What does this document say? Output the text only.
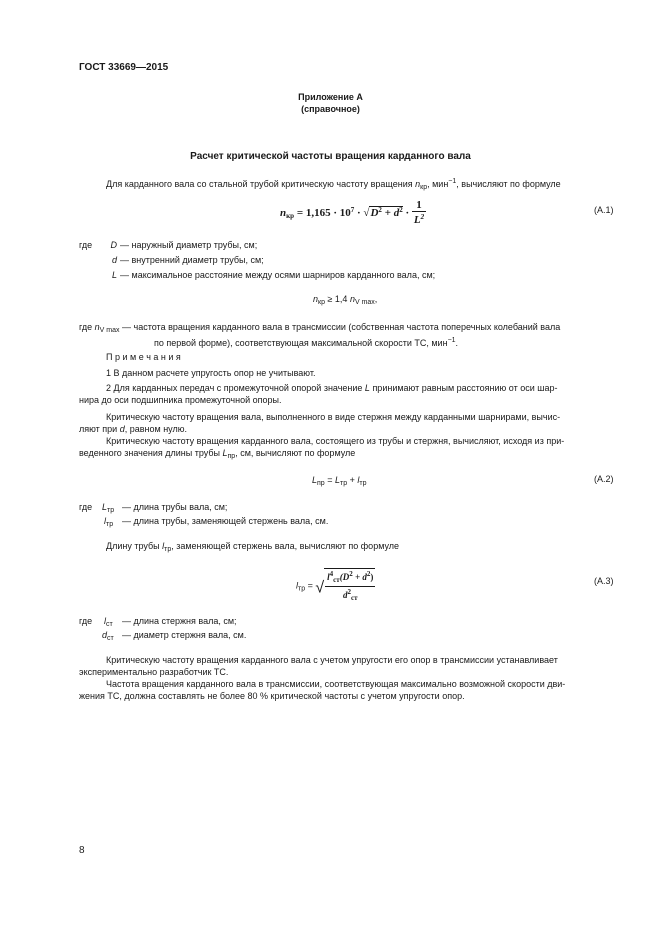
ГОСТ 33669—2015
Приложение А
(справочное)
Расчет критической частоты вращения карданного вала
Для карданного вала со стальной трубой критическую частоту вращения $n_{кр}$, мин$^{-1}$, вычисляют по формуле
$n_{кр} = 1,165 \cdot 10^7 \cdot √D^2 + d^2 \cdot \frac{1}{L^2}$	(А.1)
где D — наружный диаметр трубы, см;
d — внутренний диаметр трубы, см;
L — максимальное расстояние между осями шарниров карданного вала, см;
$n_{кр} \ge 1,4$ $n_{V max}$,
где $n_{V max}$ — частота вращения карданного вала в трансмиссии (собственная частота поперечных колебаний вала
по первой форме), соответствующая максимальной скорости ТС, мин$^{-1}$.
П р и м е ч а н и я
1 В данном расчете упругость опор не учитывают.
2 Для карданных передач с промежуточной опорой значение L принимают равным расстоянию от оси шар-
нира до оси подшипника промежуточной опоры.
Критическую частоту вращения вала, выполненного в виде стержня между карданными шарнирами, вычис-
ляют при d, равном нулю.
Критическую частоту вращения карданного вала, состоящего из трубы и стержня, вычисляют, исходя из при-
веденного значения длины трубы $L_{пр}$, см, вычисляют по формуле
$L_{пр} = L_{тр} + l_{тр}$	(А.2)
где $L_{тр}$ — длина трубы вала, см;
$l_{тр}$ — длина трубы, заменяющей стержень вала, см.
Длину трубы $l_{тр}$, заменяющей стержень вала, вычисляют по формуле
$l_{тр}$ = √ $\frac{l^4_{ст}(D^2 + d^2)}{d^2_{ст}}$	(А.3)
где $l_{ст}$ — длина стержня вала, см;
$d_{ст}$ — диаметр стержня вала, см.
Критическую частоту вращения карданного вала с учетом упругости его опор в трансмиссии устанавливает
экспериментально разработчик ТС.
Частота вращения карданного вала в трансмиссии, соответствующая максимально возможной скорости дви-
жения ТС, должна составлять не более 80 % критической частоты с учетом упругости опор.
8
